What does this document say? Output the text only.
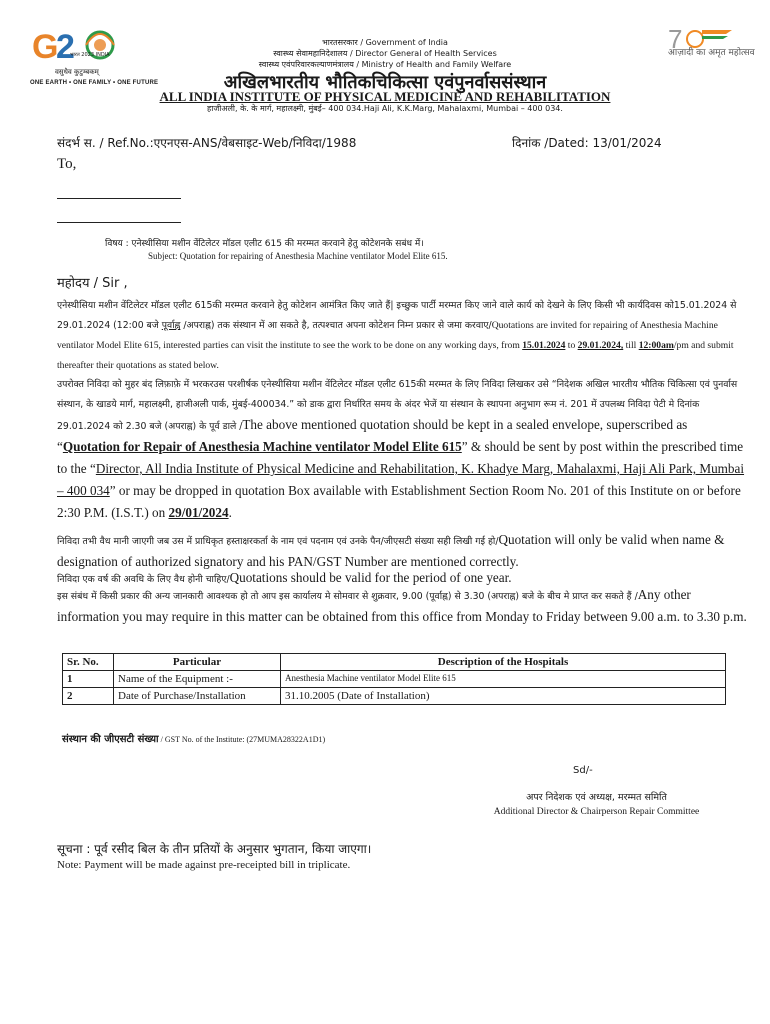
G
2
भारत 2023 INDIA
वसुधैव कुटुम्बकम्
ONE EARTH • ONE FAMILY • ONE FUTURE
7
आज़ादी का अमृत महोत्सव
भारतसरकार / Government of India
स्वास्थ्य सेवामहानिदेशालय / Director General of Health Services
स्वास्थ्य एवंपरिवारकल्याणमंत्रालय / Ministry of Health and Family Welfare
अखिलभारतीय भौतिकचिकित्सा एवंपुनर्वाससंस्थान
ALL INDIA INSTITUTE OF PHYSICAL MEDICINE AND REHABILITATION
हाजीअली, के. के मार्ग, महालक्ष्मी, मुंबई– 400 034.Haji Ali, K.K.Marg, Mahalaxmi, Mumbai – 400 034.
संदर्भ स. / Ref.No.:एएनएस-ANS/वेबसाइट-Web/निविदा/1988	दिनांक /Dated: 13/01/2024
To,
विषय : एनेस्थीसिया मशीन वेंटिलेटर मॉडल एलीट 615 की मरम्मत करवाने हेतु कोटेशनके सबंध में।
Subject: Quotation for repairing of Anesthesia Machine ventilator Model Elite 615.
महोदय / Sir ,
एनेस्थीसिया मशीन वेंटिलेटर मॉडल एलीट 615की मरम्मत करवाने हेतु कोटेशन आमंत्रित किए जाते हैं| इच्छुक पार्टी मरम्मत किए जाने वाले कार्य को देखने के लिए किसी भी कार्यदिवस को15.01.2024 से 29.01.2024 (12:00 बजे पूर्वाह्न /अपराह्न) तक संस्थान में आ सकते है, तत्पश्चात अपना कोटेशन निम्न प्रकार से जमा करवाए/Quotations are invited for repairing of Anesthesia Machine ventilator Model Elite 615, interested parties can visit the institute to see the work to be done on any working days, from 15.01.2024 to 29.01.2024, till 12:00am/pm and submit thereafter their quotations as stated below.
उपरोक्त निविदा को मुहर बंद लिफ़ाफ़े में भरकरउस परशीर्षक एनेस्थीसिया मशीन वेंटिलेटर मॉडल एलीट 615की मरम्मत के लिए निविदा लिखकर उसे “निदेशक अखिल भारतीय भौतिक चिकित्सा एवं पुनर्वास संस्थान, के खाडये मार्ग, महालक्ष्मी, हाजीअली पार्क, मुंबई-400034.” को डाक द्वारा निर्धारित समय के अंदर भेजें या संस्थान के स्थापना अनुभाग रूम नं. 201 में उपलब्ध निविदा पेटी मे दिनांक 29.01.2024 को 2.30 बजे (अपराह्न) के पूर्व डाले /The above mentioned quotation should be kept in a sealed envelope, superscribed as “Quotation for Repair of Anesthesia Machine ventilator Model Elite 615” & should be sent by post within the prescribed time to the “Director, All India Institute of Physical Medicine and Rehabilitation, K. Khadye Marg, Mahalaxmi, Haji Ali Park, Mumbai – 400 034” or may be dropped in quotation Box available with Establishment Section Room No. 201 of this Institute on or before 2:30 P.M. (I.S.T.) on 29/01/2024.
निविदा तभी वैध मानी जाएगी जब उस में प्राधिकृत हस्ताक्षरकर्ता के नाम एवं पदनाम एवं उनके पैन/जीएसटी संख्या सही लिखी गई हो/Quotation will only be valid when name & designation of authorized signatory and his PAN/GST Number are mentioned correctly.
निविदा एक वर्ष की अवधि के लिए वैध होनी चाहिए/Quotations should be valid for the period of one year.
इस संबंध में किसी प्रकार की अन्य जानकारी आवश्यक हो तो आप इस कार्यालय मे सोमवार से शुक्रवार, 9.00 (पूर्वाह्न) से 3.30 (अपराह्न) बजे के बीच मे प्राप्त कर सकते हैं /Any other information you may require in this matter can be obtained from this office from Monday to Friday between 9.00 a.m. to 3.30 p.m.
Sr. No.	Particular	Description of the Hospitals
1	Name of the Equipment :-	Anesthesia Machine ventilator Model Elite 615
2	Date of Purchase/Installation	31.10.2005 (Date of Installation)
संस्थान की जीएसटी संख्या / GST No. of the Institute: (27MUMA28322A1D1)
Sd/-
अपर निदेशक एवं अध्यक्ष, मरम्मत समिति
Additional Director & Chairperson Repair Committee
सूचना : पूर्व रसीद बिल के तीन प्रतियों के अनुसार भुगतान, किया जाएगा।
Note: Payment will be made against pre-receipted bill in triplicate.
